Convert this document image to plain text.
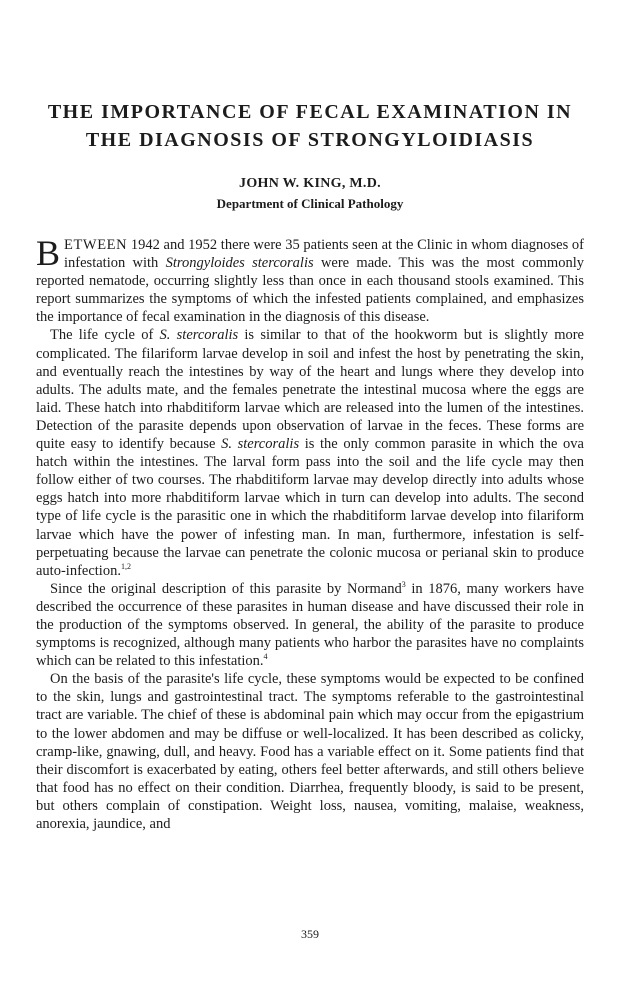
THE IMPORTANCE OF FECAL EXAMINATION IN
THE DIAGNOSIS OF STRONGYLOIDIASIS

JOHN W. KING, M.D.

Department of Clinical Pathology

BETWEEN 1942 and 1952 there were 35 patients seen at the Clinic in whom diagnoses of infestation with Strongyloides stercoralis were made. This was the most commonly reported nematode, occurring slightly less than once in each thousand stools examined. This report summarizes the symptoms of which the infested patients complained, and emphasizes the importance of fecal examination in the diagnosis of this disease.

The life cycle of S. stercoralis is similar to that of the hookworm but is slightly more complicated. The filariform larvae develop in soil and infest the host by penetrating the skin, and eventually reach the intestines by way of the heart and lungs where they develop into adults. The adults mate, and the females penetrate the intestinal mucosa where the eggs are laid. These hatch into rhabditiform larvae which are released into the lumen of the intestines. Detection of the parasite depends upon observation of larvae in the feces. These forms are quite easy to identify because S. stercoralis is the only common parasite in which the ova hatch within the intestines. The larval form pass into the soil and the life cycle may then follow either of two courses. The rhabditiform larvae may develop directly into adults whose eggs hatch into more rhabditiform larvae which in turn can develop into adults. The second type of life cycle is the parasitic one in which the rhabditiform larvae develop into filariform larvae which have the power of infesting man. In man, furthermore, infestation is self-perpetuating because the larvae can penetrate the colonic mucosa or perianal skin to produce auto-infection.$^{1,2}$

Since the original description of this parasite by Normand$^3$ in 1876, many workers have described the occurrence of these parasites in human disease and have discussed their role in the production of the symptoms observed. In general, the ability of the parasite to produce symptoms is recognized, although many patients who harbor the parasites have no complaints which can be related to this infestation.$^4$

On the basis of the parasite's life cycle, these symptoms would be expected to be confined to the skin, lungs and gastrointestinal tract. The symptoms referable to the gastrointestinal tract are variable. The chief of these is abdominal pain which may occur from the epigastrium to the lower abdomen and may be diffuse or well-localized. It has been described as colicky, cramp-like, gnawing, dull, and heavy. Food has a variable effect on it. Some patients find that their discomfort is exacerbated by eating, others feel better afterwards, and still others believe that food has no effect on their condition. Diarrhea, frequently bloody, is said to be present, but others complain of constipation. Weight loss, nausea, vomiting, malaise, weakness, anorexia, jaundice, and

359
